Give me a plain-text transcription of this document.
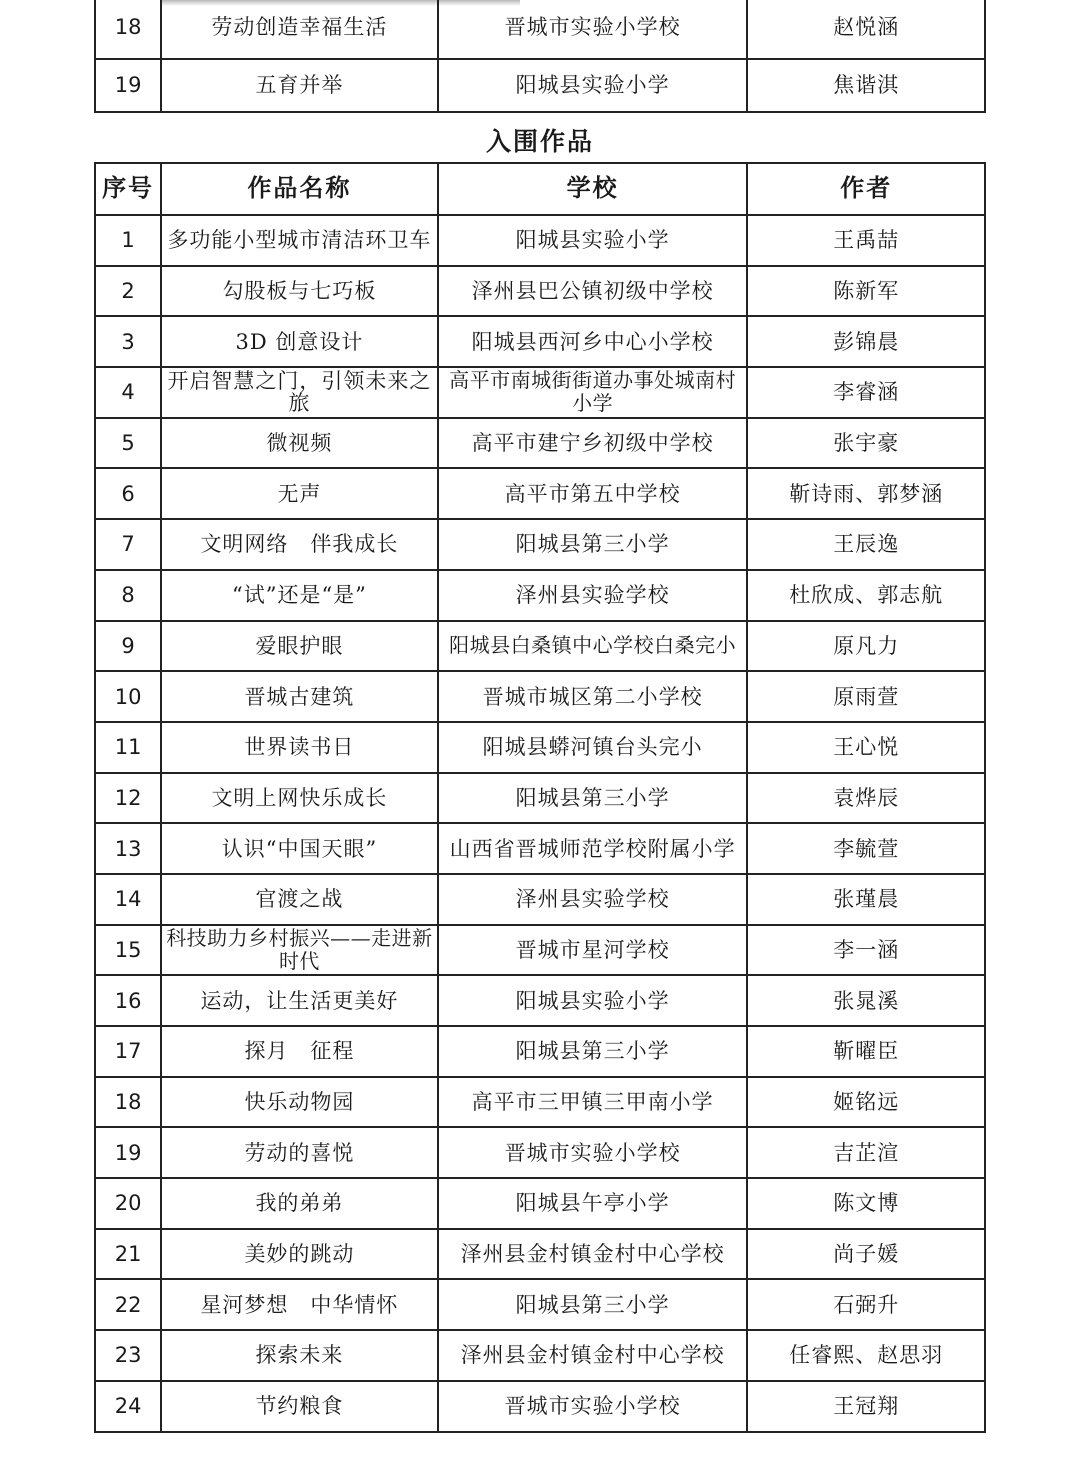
18	劳动创造幸福生活	晋城市实验小学校	赵悦涵
19	五育并举	阳城县实验小学	焦谐淇
入围作品
序号	作品名称	学校	作者
1	多功能小型城市清洁环卫车	阳城县实验小学	王禹喆
2	勾股板与七巧板	泽州县巴公镇初级中学校	陈新军
3	3D 创意设计	阳城县西河乡中心小学校	彭锦晨
4	开启智慧之门，引领未来之旅	高平市南城街街道办事处城南村小学	李睿涵
5	微视频	高平市建宁乡初级中学校	张宇豪
6	无声	高平市第五中学校	靳诗雨、郭梦涵
7	文明网络　伴我成长	阳城县第三小学	王辰逸
8	“试”还是“是”	泽州县实验学校	杜欣成、郭志航
9	爱眼护眼	阳城县白桑镇中心学校白桑完小	原凡力
10	晋城古建筑	晋城市城区第二小学校	原雨萱
11	世界读书日	阳城县蟒河镇台头完小	王心悦
12	文明上网快乐成长	阳城县第三小学	袁烨辰
13	认识“中国天眼”	山西省晋城师范学校附属小学	李毓萱
14	官渡之战	泽州县实验学校	张瑾晨
15	科技助力乡村振兴——走进新时代	晋城市星河学校	李一涵
16	运动，让生活更美好	阳城县实验小学	张晁溪
17	探月　征程	阳城县第三小学	靳曜臣
18	快乐动物园	高平市三甲镇三甲南小学	姬铭远
19	劳动的喜悦	晋城市实验小学校	吉芷渲
20	我的弟弟	阳城县午亭小学	陈文博
21	美妙的跳动	泽州县金村镇金村中心学校	尚子媛
22	星河梦想　中华情怀	阳城县第三小学	石弼升
23	探索未来	泽州县金村镇金村中心学校	任睿熙、赵思羽
24	节约粮食	晋城市实验小学校	王冠翔
